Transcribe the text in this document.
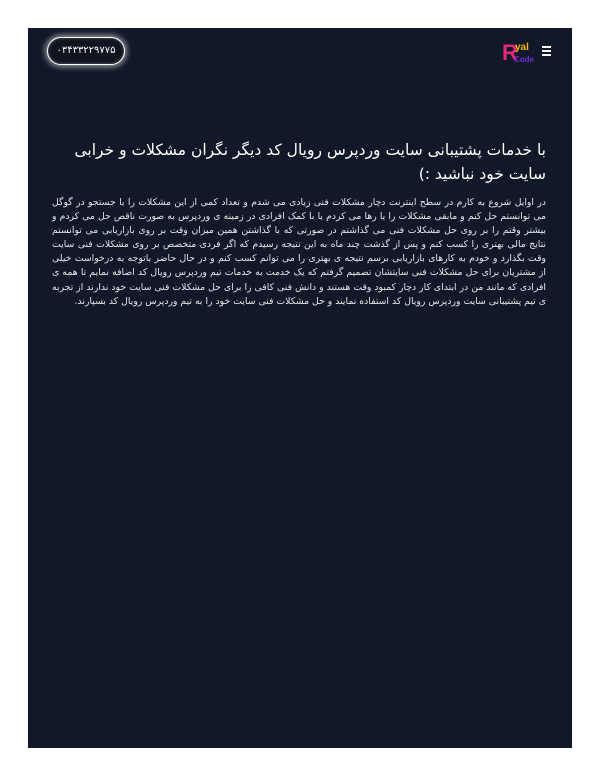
۰۳۴۳۳۲۲۹۷۷۵	R
yal
Code
با خدمات پشتیبانی سایت وردپرس رویال کد دیگر نگران مشکلات و خرابی سایت خود نباشید :)

در اوایل شروع به کارم در سطح اینترنت دچار مشکلات فنی زیادی می شدم و تعداد کمی از این مشکلات را با جستجو در گوگل می توانستم حل کنم و مابقی مشکلات را یا رها می کردم یا با کمک افرادی در زمینه ی وردپرس به صورت ناقص حل می کردم و بیشتر وقتم را بر روی حل مشکلات فنی می گذاشتم در صورتی که با گذاشتن همین میزان وقت بر روی بازاریابی می توانستم نتایج مالی بهتری را کسب کنم و پس از گذشت چند ماه به این نتیجه رسیدم که اگر فردی متخصص بر روی مشکلات فنی سایت وقت بگذارد و خودم به کارهای بازاریابی برسم نتیجه ی بهتری را می توانم کسب کنم و در حال حاضر باتوجه به درخواست خیلی از مشتریان برای حل مشکلات فنی سایتشان تصمیم گرفتم که یک خدمت به خدمات تیم وردپرس رویال کد اضافه نمایم تا همه ی افرادی که مانند من در ابتدای کار دچار کمبود وقت هستند و دانش فنی کافی را برای حل مشکلات فنی سایت خود ندارند از تجربه ی تیم پشتیبانی سایت وردپرس رویال کد استفاده نمایند و حل مشکلات فنی سایت خود را به تیم وردپرس رویال کد بسپارند.
